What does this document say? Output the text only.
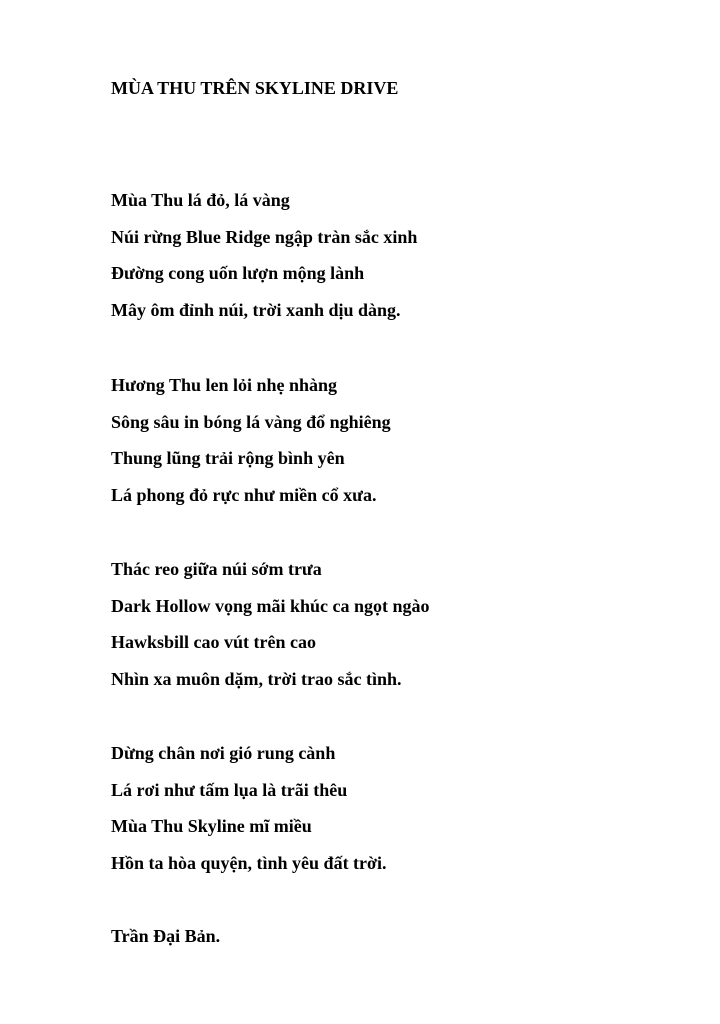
MÙA THU TRÊN SKYLINE DRIVE
Mùa Thu lá đỏ, lá vàng
Núi rừng Blue Ridge ngập tràn sắc xinh
Đường cong uốn lượn mộng lành
Mây ôm đỉnh núi, trời xanh dịu dàng.
Hương Thu len lỏi nhẹ nhàng
Sông sâu in bóng lá vàng đổ nghiêng
Thung lũng trải rộng bình yên
Lá phong đỏ rực như miền cổ xưa.
Thác reo giữa núi sớm trưa
Dark Hollow vọng mãi khúc ca ngọt ngào
Hawksbill cao vút trên cao
Nhìn xa muôn dặm, trời trao sắc tình.
Dừng chân nơi gió rung cành
Lá rơi như tấm lụa là trãi thêu
Mùa Thu Skyline mĩ miều
Hồn ta hòa quyện, tình yêu đất trời.

Trần Đại Bản.
